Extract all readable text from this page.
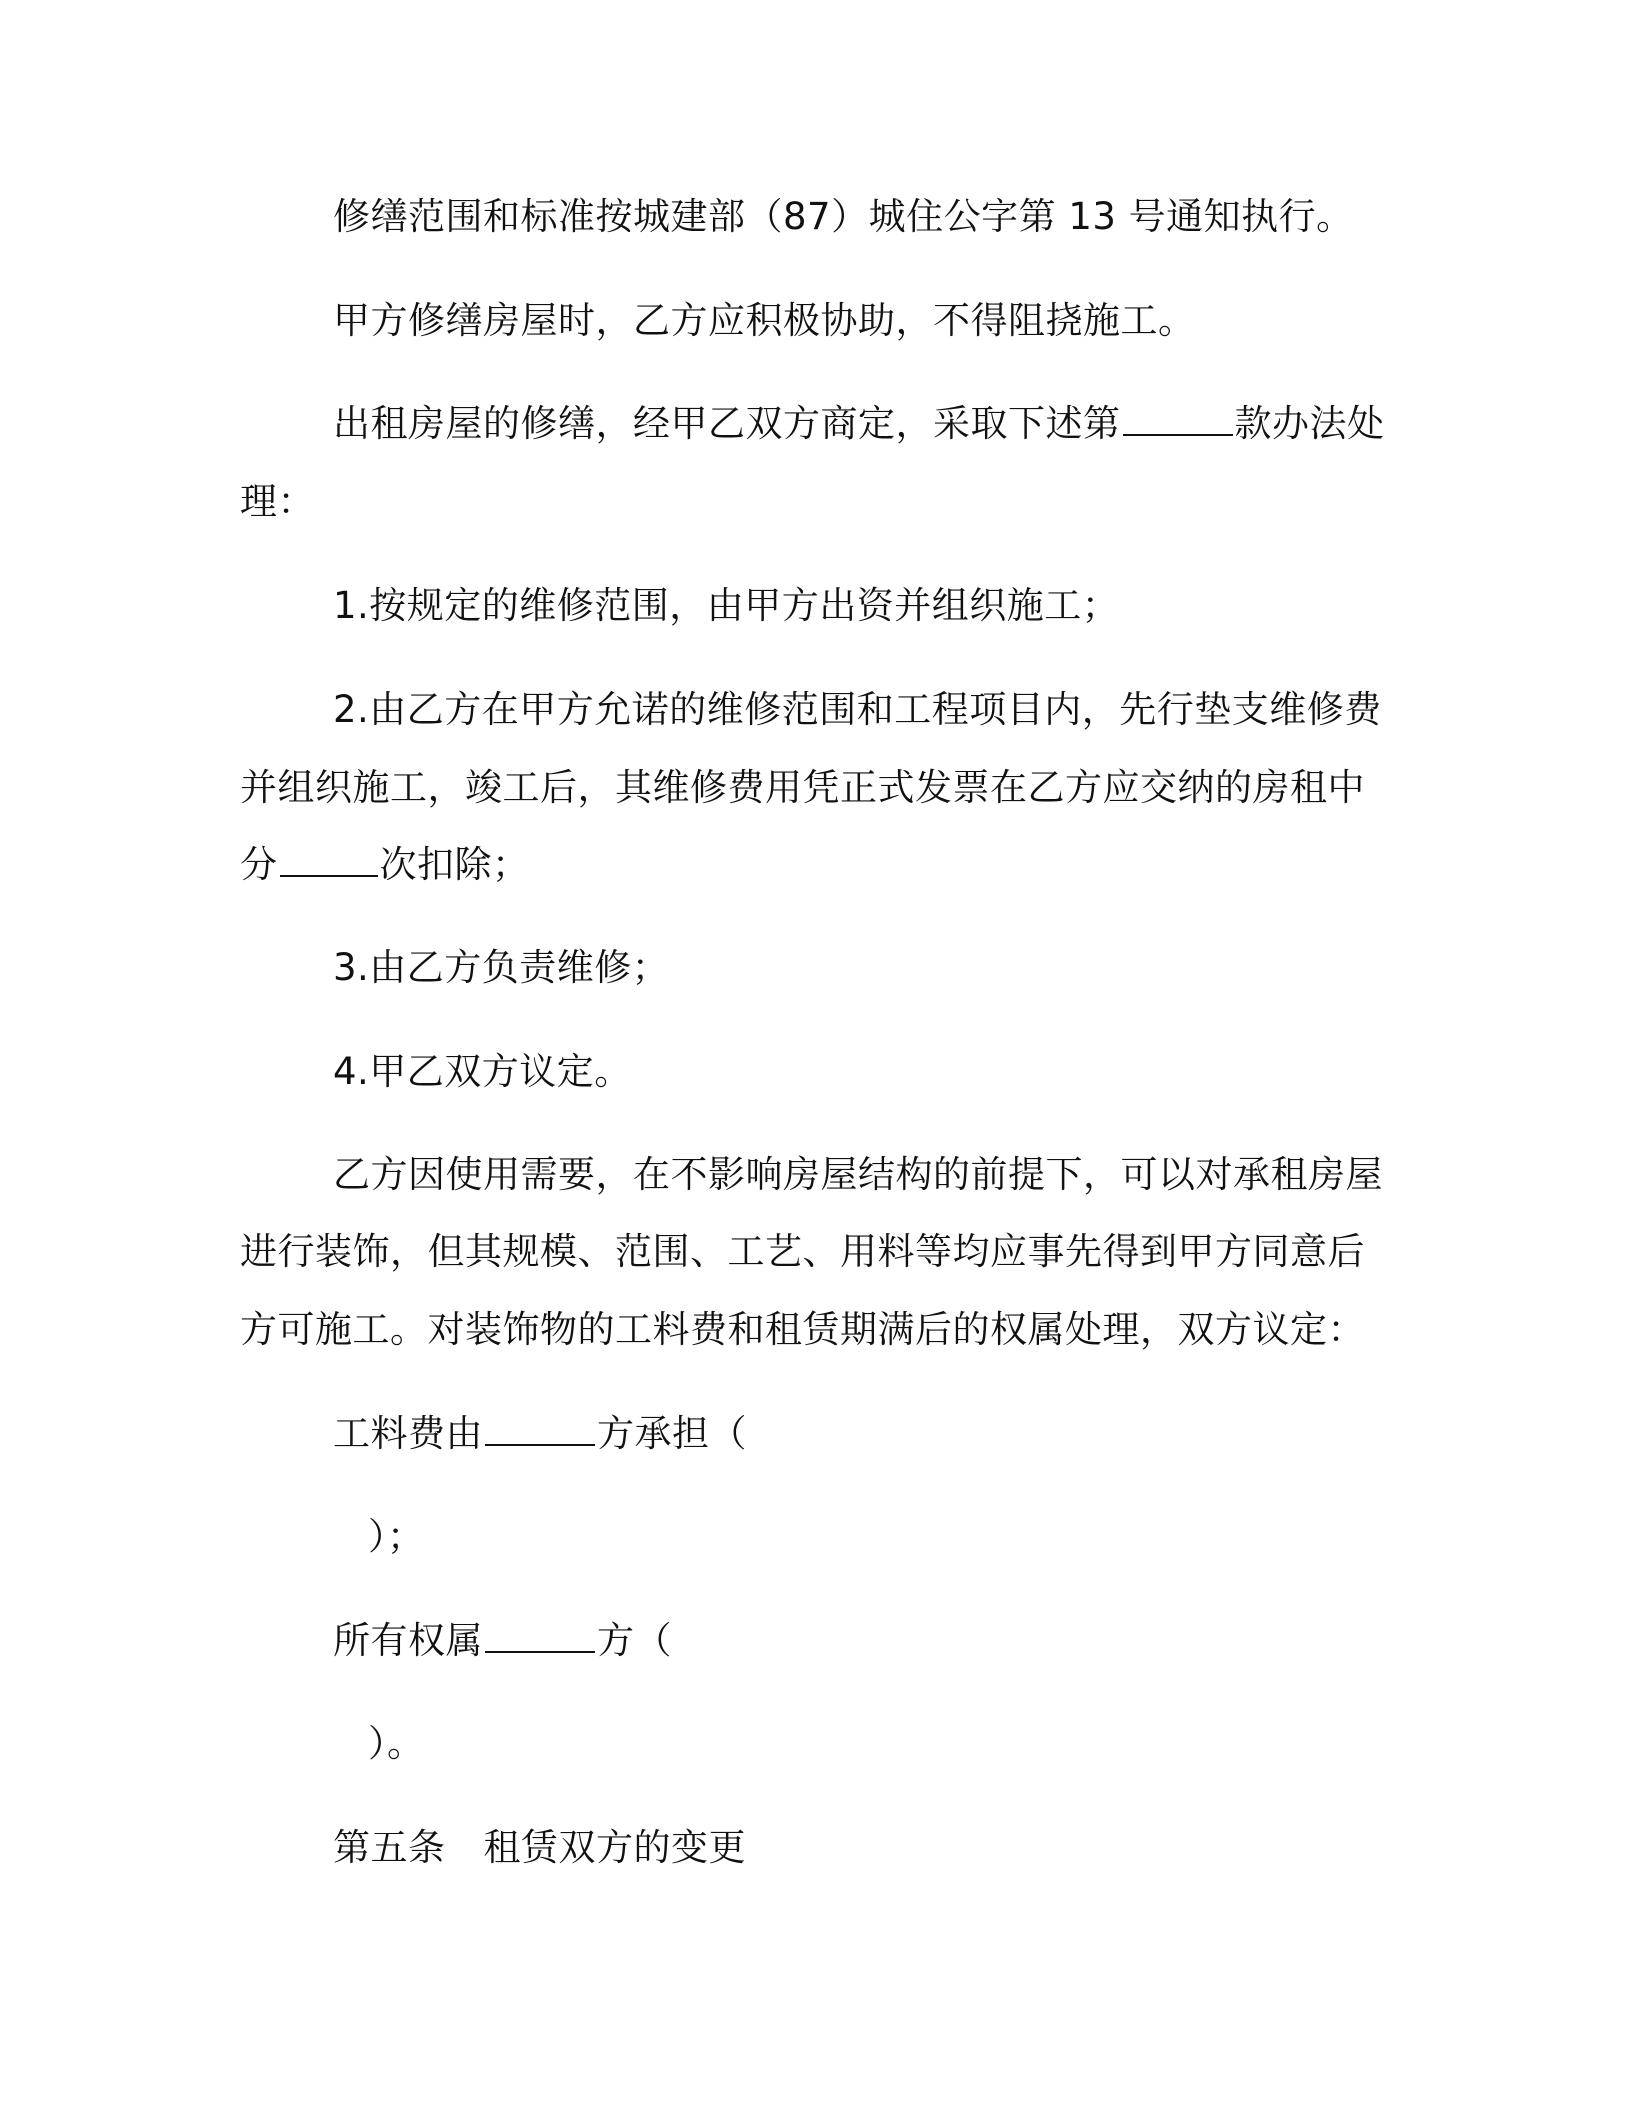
修缮范围和标准按城建部（87）城住公字第 13 号通知执行。
甲方修缮房屋时，乙方应积极协助，不得阻挠施工。
出租房屋的修缮，经甲乙双方商定，采取下述第	款办法处
理：
1.按规定的维修范围，由甲方出资并组织施工；
2.由乙方在甲方允诺的维修范围和工程项目内，先行垫支维修费
并组织施工，竣工后，其维修费用凭正式发票在乙方应交纳的房租中
分	次扣除；
3.由乙方负责维修；
4.甲乙双方议定。
乙方因使用需要，在不影响房屋结构的前提下，可以对承租房屋
进行装饰，但其规模、范围、工艺、用料等均应事先得到甲方同意后
方可施工。对装饰物的工料费和租赁期满后的权属处理，双方议定：
工料费由	方承担（
）；
所有权属	方（
）。
第五条 租赁双方的变更
